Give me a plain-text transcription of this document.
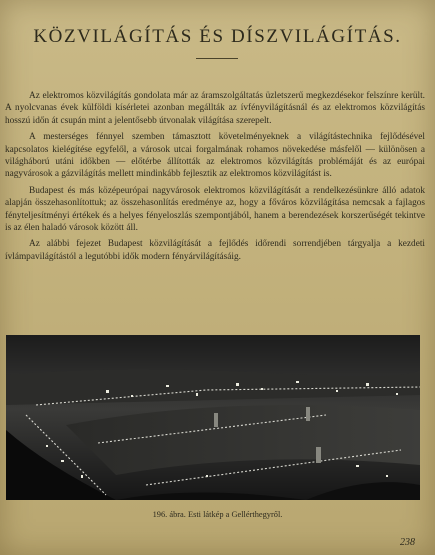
KÖZVILÁGÍTÁS ÉS DÍSZVILÁGÍTÁS.

Az elektromos közvilágítás gondolata már az áramszolgáltatás üzletszerű megkezdésekor felszínre került. A nyolcvanas évek külföldi kísérletei azonban megállták az ívfényvilágításnál és az elektromos közvilágítás hosszú időn át csupán mint a jelentősebb útvonalak világítása szerepelt.

A mesterséges fénnyel szemben támasztott követelményeknek a világítástechnika fejlődésével kapcsolatos kielégítése egyfelől, a városok utcai forgalmának rohamos növekedése másfelől — különösen a világháború utáni időkben — előtérbe állították az elektromos közvilágítás problémáját és az európai nagyvárosok a gázvilágítás mellett mindinkább fejlesztik az elektromos közvilágítást is.

Budapest és más középeurópai nagyvárosok elektromos közvilágítását a rendelkezésünkre álló adatok alapján összehasonlítottuk; az összehasonlítás eredménye az, hogy a főváros közvilágítása nemcsak a fajlagos fényteljesítményi értékek és a helyes fényeloszlás szempontjából, hanem a berendezések korszerűségét tekintve is az élen haladó városok között áll.

Az alábbi fejezet Budapest közvilágítását a fejlődés időrendi sorrendjében tárgyalja a kezdeti ívlámpavilágítástól a legutóbbi idők modern fényárvilágításáig.

196. ábra. Esti látkép a Gellérthegyről.
238
